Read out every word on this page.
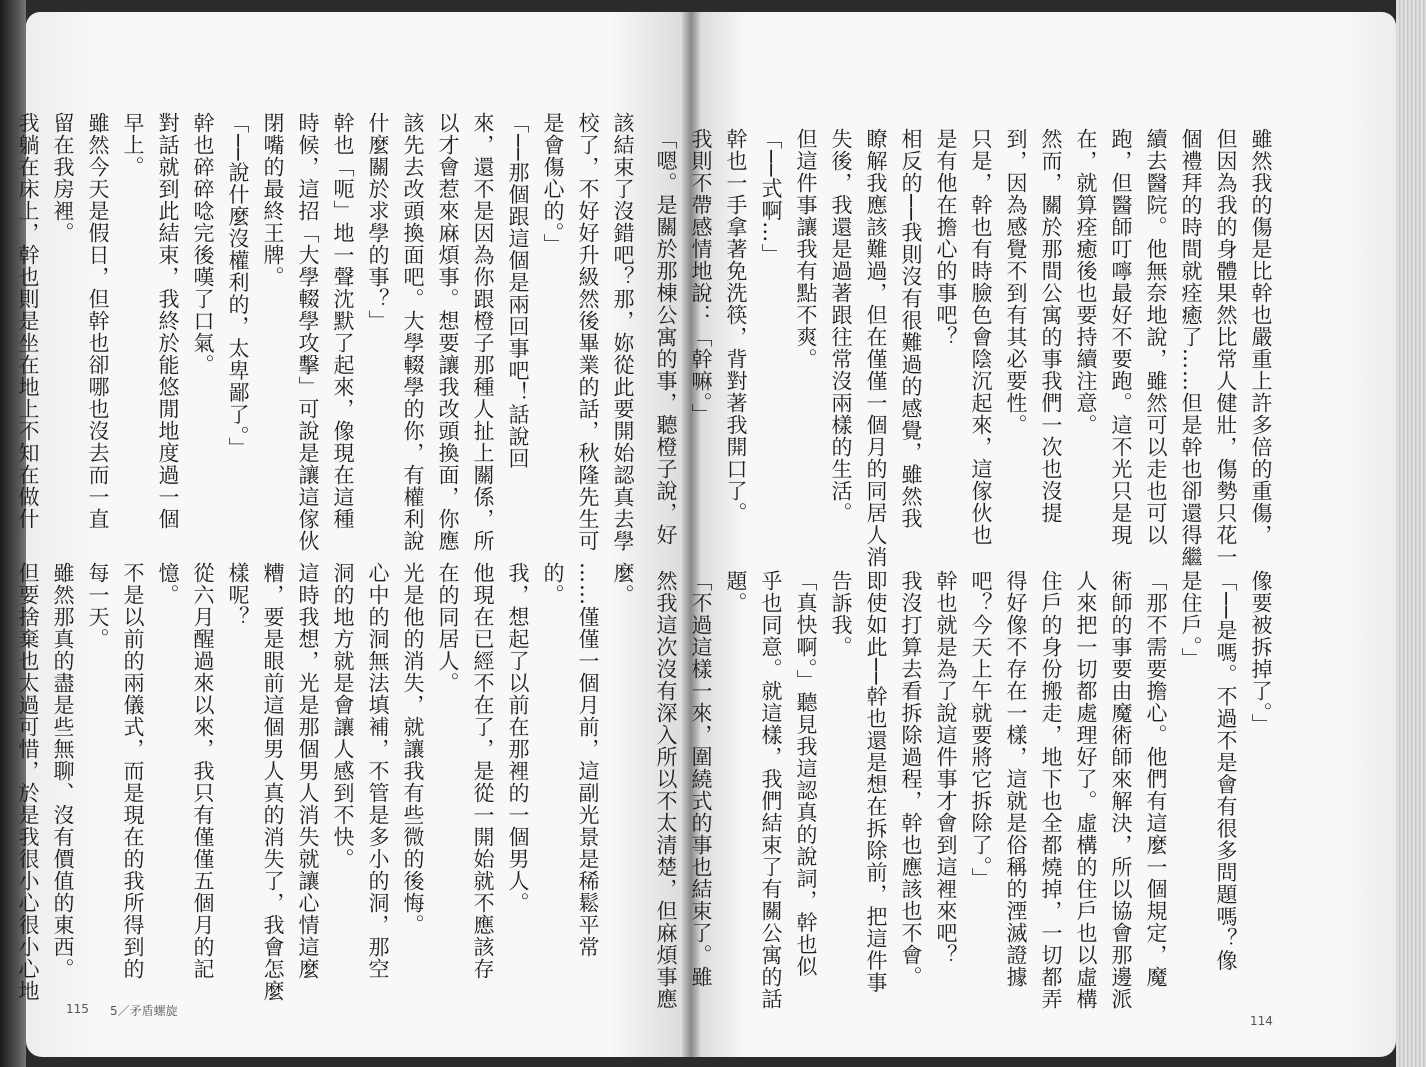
該結束了沒錯吧？那，妳從此要開始認真去學
校了，不好好升級然後畢業的話，秋隆先生可
是會傷心的。」
「──那個跟這個是兩回事吧！話說回
來，還不是因為你跟橙子那種人扯上關係，所
以才會惹來麻煩事。想要讓我改頭換面，你應
該先去改頭換面吧。大學輟學的你，有權利說
什麼關於求學的事？」
幹也「呃」地一聲沈默了起來，像現在這種
時候，這招「大學輟學攻擊」可說是讓這傢伙
閉嘴的最終王牌。
「──說什麼沒權利的，太卑鄙了。」
幹也碎碎唸完後嘆了口氣。
對話就到此結束，我終於能悠閒地度過一個
早上。
雖然今天是假日，但幹也卻哪也沒去而一直
留在我房裡。
我躺在床上，幹也則是坐在地上不知在做什
麼。
……僅僅一個月前，這副光景是稀鬆平常
的。
我，想起了以前在那裡的一個男人。
他現在已經不在了，是從一開始就不應該存
在的同居人。
光是他的消失，就讓我有些微的後悔。
心中的洞無法填補，不管是多小的洞，那空
洞的地方就是會讓人感到不快。
這時我想，光是那個男人消失就讓心情這麼
糟，要是眼前這個男人真的消失了，我會怎麼
樣呢？
從六月醒過來以來，我只有僅僅五個月的記
憶。
不是以前的兩儀式，而是現在的我所得到的
每一天。
雖然那真的盡是些無聊、沒有價值的東西。
但要捨棄也太過可惜，於是我很小心很小心地
雖然我的傷是比幹也嚴重上許多倍的重傷，
但因為我的身體果然比常人健壯，傷勢只花一
個禮拜的時間就痊癒了……但是幹也卻還得繼
續去醫院。他無奈地說，雖然可以走也可以
跑，但醫師叮嚀最好不要跑。這不光只是現
在，就算痊癒後也要持續注意。
然而，關於那間公寓的事我們一次也沒提
到，因為感覺不到有其必要性。
只是，幹也有時臉色會陰沉起來，這傢伙也
是有他在擔心的事吧？
相反的──我則沒有很難過的感覺，雖然我
瞭解我應該難過，但在僅僅一個月的同居人消
失後，我還是過著跟往常沒兩樣的生活。
但這件事讓我有點不爽。
「──式啊…」
幹也一手拿著免洗筷，背對著我開口了。
我則不帶感情地說：「幹嘛。」
「嗯。是關於那棟公寓的事，聽橙子說，好
像要被拆掉了。」
「──是嗎。不過不是會有很多問題嗎？像
是住戶。」
「那不需要擔心。他們有這麼一個規定，魔
術師的事要由魔術師來解決，所以協會那邊派
人來把一切都處理好了。虛構的住戶也以虛構
住戶的身份搬走，地下也全都燒掉，一切都弄
得好像不存在一樣，這就是俗稱的湮滅證據
吧？今天上午就要將它拆除了。」
幹也就是為了說這件事才會到這裡來吧？
我沒打算去看拆除過程，幹也應該也不會。
即使如此──幹也還是想在拆除前，把這件事
告訴我。
「真快啊。」聽見我這認真的說詞，幹也似
乎也同意。就這樣，我們結束了有關公寓的話
題。
「不過這樣一來，圍繞式的事也結束了。雖
然我這次沒有深入所以不太清楚，但麻煩事應
115 5／矛盾螺旋
114
